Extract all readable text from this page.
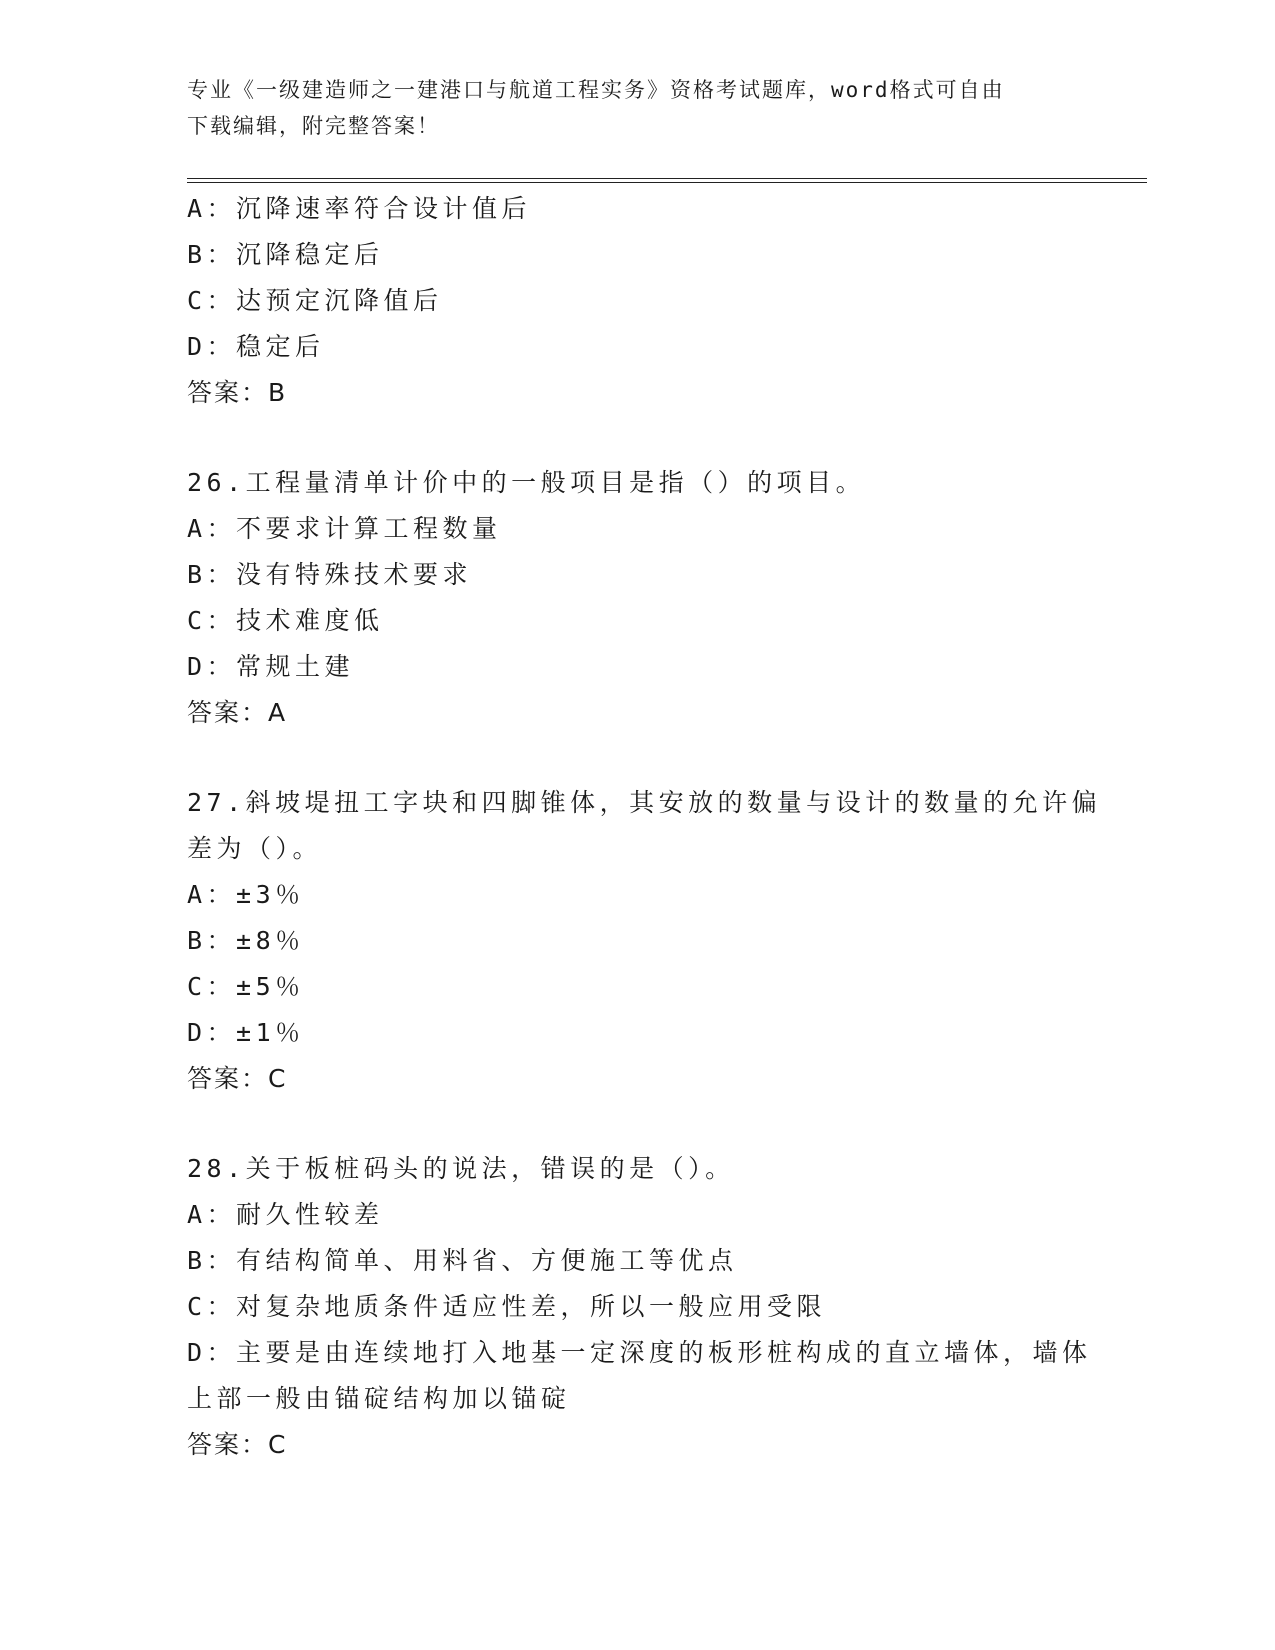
专业《一级建造师之一建港口与航道工程实务》资格考试题库，word格式可自由
下载编辑，附完整答案！
A：沉降速率符合设计值后
B：沉降稳定后
C：达预定沉降值后
D：稳定后
答案：B
26.工程量清单计价中的一般项目是指（）的项目。
A：不要求计算工程数量
B：没有特殊技术要求
C：技术难度低
D：常规土建
答案：A
27.斜坡堤扭工字块和四脚锥体，其安放的数量与设计的数量的允许偏
差为（）。
A：±3％
B：±8％
C：±5％
D：±1％
答案：C
28.关于板桩码头的说法，错误的是（）。
A：耐久性较差
B：有结构简单、用料省、方便施工等优点
C：对复杂地质条件适应性差，所以一般应用受限
D：主要是由连续地打入地基一定深度的板形桩构成的直立墙体，墙体
上部一般由锚碇结构加以锚碇
答案：C
